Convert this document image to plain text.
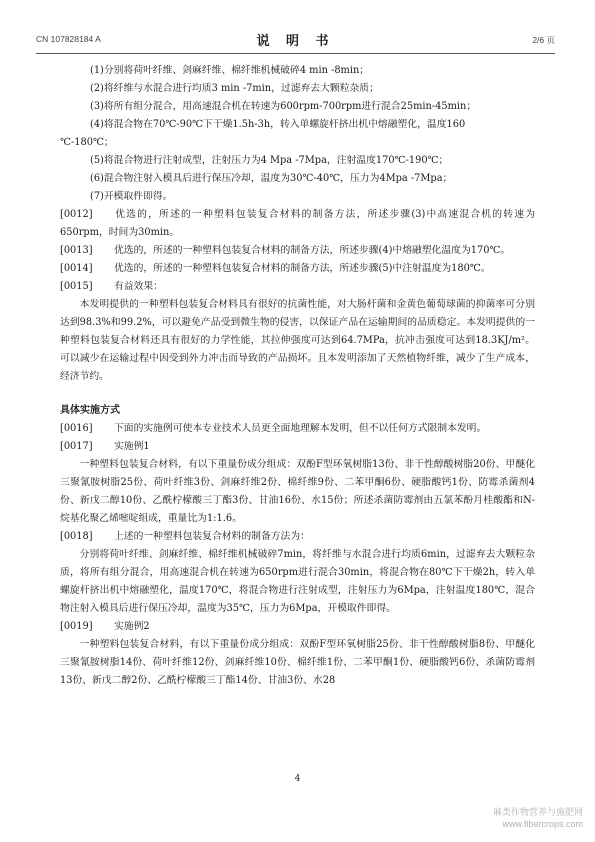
CN 107828184 A	说 明 书	2/6 页

(1)分别将荷叶纤维、剑麻纤维、棉纤维机械破碎4 min -8min；

(2)将纤维与水混合进行均质3 min -7min，过滤弃去大颗粒杂质；

(3)将所有组分混合，用高速混合机在转速为600rpm-700rpm进行混合25min-45min；

(4)将混合物在70℃-90℃下干燥1.5h-3h，转入单螺旋杆挤出机中熔融塑化，温度160

℃-180℃；

(5)将混合物进行注射成型，注射压力为4 Mpa -7Mpa，注射温度170℃-190℃；

(6)混合物注射入模具后进行保压冷却，温度为30℃-40℃，压力为4Mpa -7Mpa；

(7)开模取件即得。

[0012] 优选的，所述的一种塑料包装复合材料的制备方法，所述步骤(3)中高速混合机的转速为650rpm，时间为30min。

[0013] 优选的，所述的一种塑料包装复合材料的制备方法，所述步骤(4)中熔融塑化温度为170℃。

[0014] 优选的，所述的一种塑料包装复合材料的制备方法，所述步骤(5)中注射温度为180℃。

[0015] 有益效果：

本发明提供的一种塑料包装复合材料具有很好的抗菌性能，对大肠杆菌和金黄色葡萄球菌的抑菌率可分别达到98.3%和99.2%，可以避免产品受到微生物的侵害，以保证产品在运输期间的品质稳定。本发明提供的一种塑料包装复合材料还具有很好的力学性能，其拉伸强度可达到64.7MPa，抗冲击强度可达到18.3KJ/m²。可以减少在运输过程中因受到外力冲击而导致的产品损坏。且本发明添加了天然植物纤维，减少了生产成本，经济节约。

具体实施方式

[0016] 下面的实施例可使本专业技术人员更全面地理解本发明，但不以任何方式限制本发明。

[0017] 实施例1

一种塑料包装复合材料，有以下重量份成分组成：双酚F型环氧树脂13份、非干性醇酸树脂20份、甲醚化三聚氰胺树脂25份、荷叶纤维3份、剑麻纤维2份、棉纤维9份、二苯甲酮6份、硬脂酸钙1份、防霉杀菌剂4份、新戊二醇10份、乙酰柠檬酸三丁酯3份、甘油16份、水15份；所述杀菌防霉剂由五氯苯酚月桂酸酯和N-烷基化聚乙烯嘧啶组成，重量比为1:1.6。

[0018] 上述的一种塑料包装复合材料的制备方法为：

分别将荷叶纤维、剑麻纤维、棉纤维机械破碎7min，将纤维与水混合进行均质6min，过滤弃去大颗粒杂质，将所有组分混合，用高速混合机在转速为650rpm进行混合30min，将混合物在80℃下干燥2h，转入单螺旋杆挤出机中熔融塑化，温度170℃，将混合物进行注射成型，注射压力为6Mpa，注射温度180℃，混合物注射入模具后进行保压冷却，温度为35℃，压力为6Mpa，开模取件即得。

[0019] 实施例2

一种塑料包装复合材料，有以下重量份成分组成：双酚F型环氧树脂25份、非干性醇酸树脂8份、甲醚化三聚氰胺树脂14份、荷叶纤维12份、剑麻纤维10份、棉纤维1份、二苯甲酮1份、硬脂酸钙6份、杀菌防霉剂13份、新戊二醇2份、乙酰柠檬酸三丁酯14份、甘油3份、水28

4
麻类作物营养与施肥网
www.fibercrops.com
